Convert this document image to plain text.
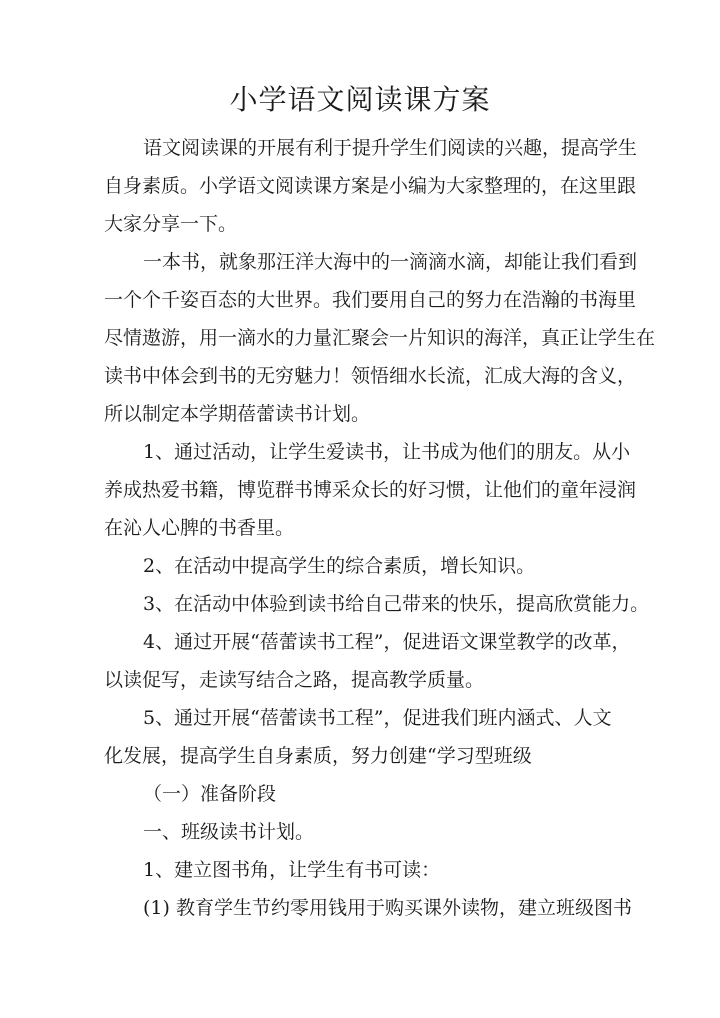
小学语文阅读课方案

语文阅读课的开展有利于提升学生们阅读的兴趣，提高学生

自身素质。小学语文阅读课方案是小编为大家整理的，在这里跟

大家分享一下。

一本书，就象那汪洋大海中的一滴滴水滴，却能让我们看到

一个个千姿百态的大世界。我们要用自己的努力在浩瀚的书海里

尽情遨游，用一滴水的力量汇聚会一片知识的海洋，真正让学生在

读书中体会到书的无穷魅力！领悟细水长流，汇成大海的含义，

所以制定本学期蓓蕾读书计划。

1、通过活动，让学生爱读书，让书成为他们的朋友。从小

养成热爱书籍，博览群书博采众长的好习惯，让他们的童年浸润

在沁人心脾的书香里。

2、在活动中提高学生的综合素质，增长知识。

3、在活动中体验到读书给自己带来的快乐，提高欣赏能力。

4、通过开展“蓓蕾读书工程”，促进语文课堂教学的改革，

以读促写，走读写结合之路，提高教学质量。

5、通过开展“蓓蕾读书工程”，促进我们班内涵式、人文

化发展，提高学生自身素质，努力创建“学习型班级

（一）准备阶段

一、班级读书计划。

1、建立图书角，让学生有书可读：

(1) 教育学生节约零用钱用于购买课外读物，建立班级图书
